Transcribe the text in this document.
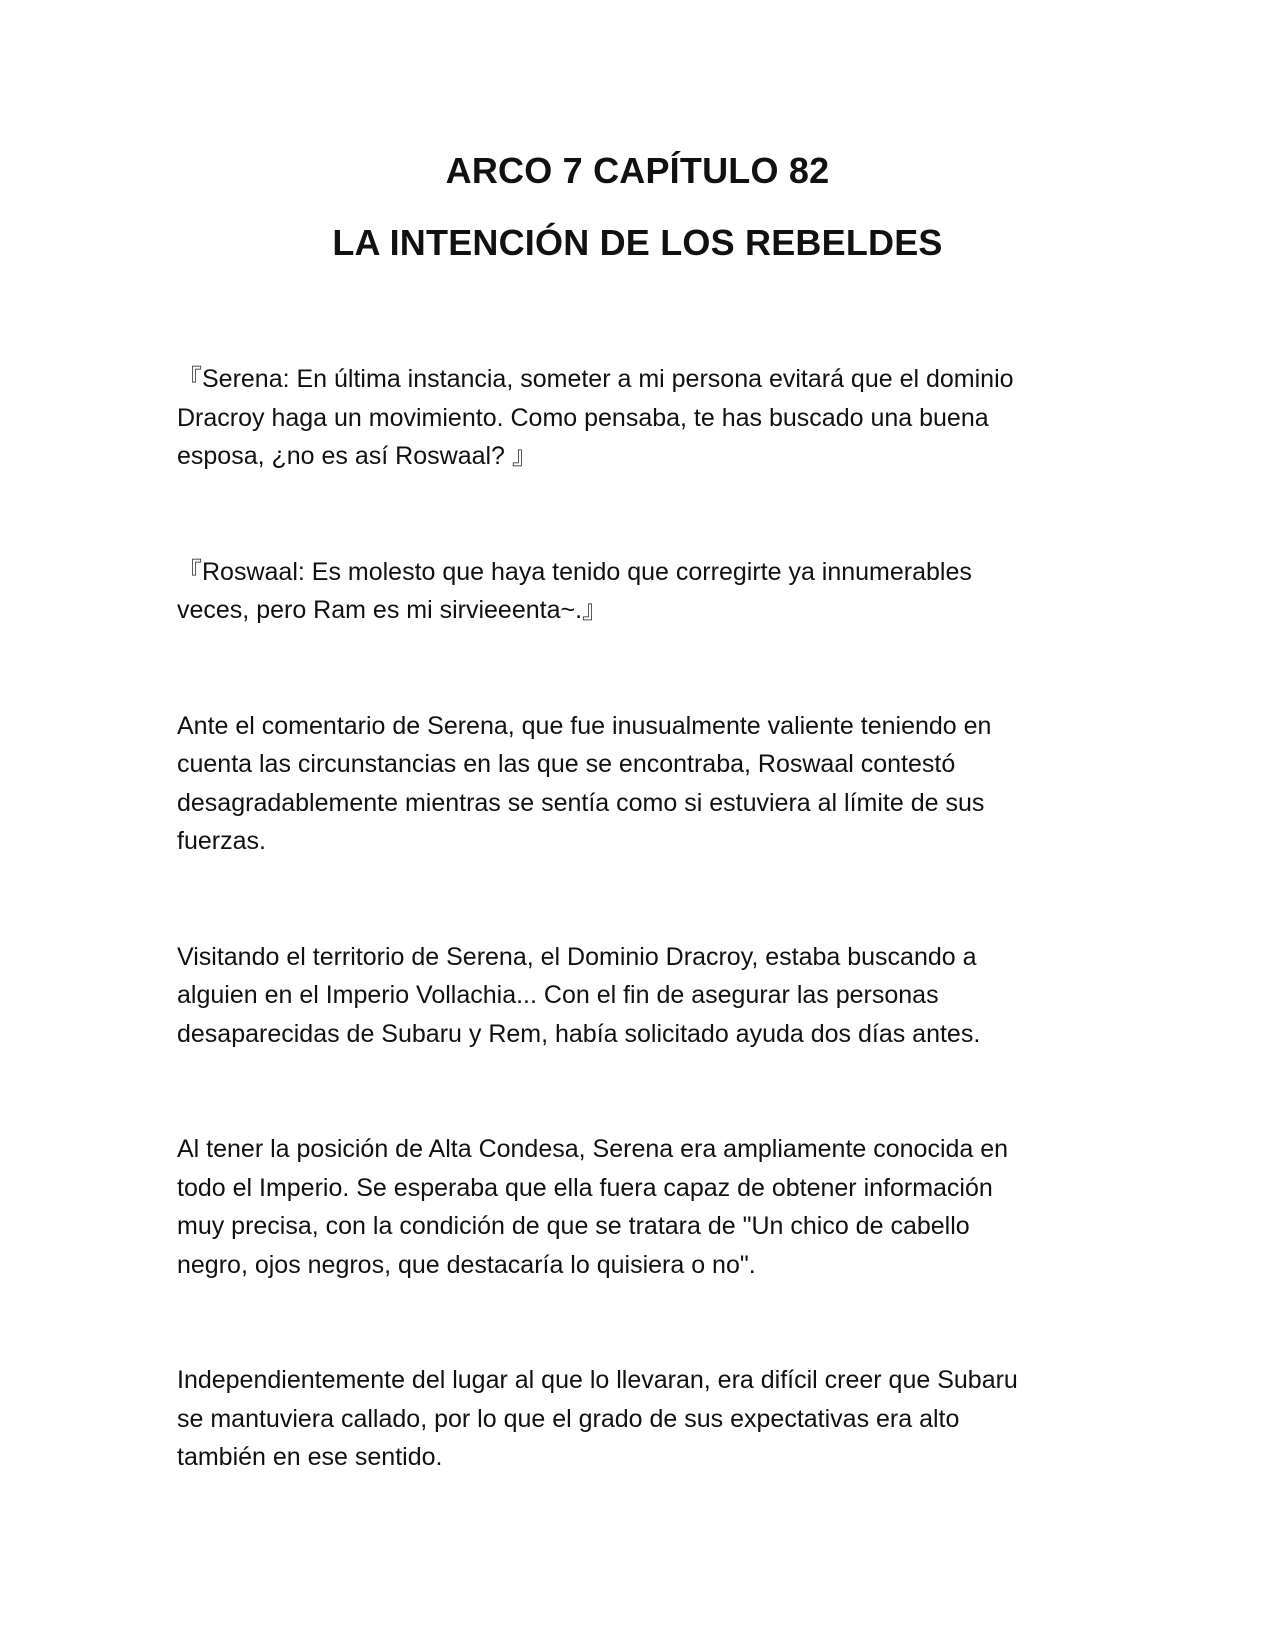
ARCO 7 CAPÍTULO 82
LA INTENCIÓN DE LOS REBELDES

『Serena: En última instancia, someter a mi persona evitará que el dominio
Dracroy haga un movimiento. Como pensaba, te has buscado una buena
esposa, ¿no es así Roswaal? 』

『Roswaal: Es molesto que haya tenido que corregirte ya innumerables
veces, pero Ram es mi sirvieeenta~.』

Ante el comentario de Serena, que fue inusualmente valiente teniendo en
cuenta las circunstancias en las que se encontraba, Roswaal contestó
desagradablemente mientras se sentía como si estuviera al límite de sus
fuerzas.

Visitando el territorio de Serena, el Dominio Dracroy, estaba buscando a
alguien en el Imperio Vollachia... Con el fin de asegurar las personas
desaparecidas de Subaru y Rem, había solicitado ayuda dos días antes.

Al tener la posición de Alta Condesa, Serena era ampliamente conocida en
todo el Imperio. Se esperaba que ella fuera capaz de obtener información
muy precisa, con la condición de que se tratara de "Un chico de cabello
negro, ojos negros, que destacaría lo quisiera o no".

Independientemente del lugar al que lo llevaran, era difícil creer que Subaru
se mantuviera callado, por lo que el grado de sus expectativas era alto
también en ese sentido.
